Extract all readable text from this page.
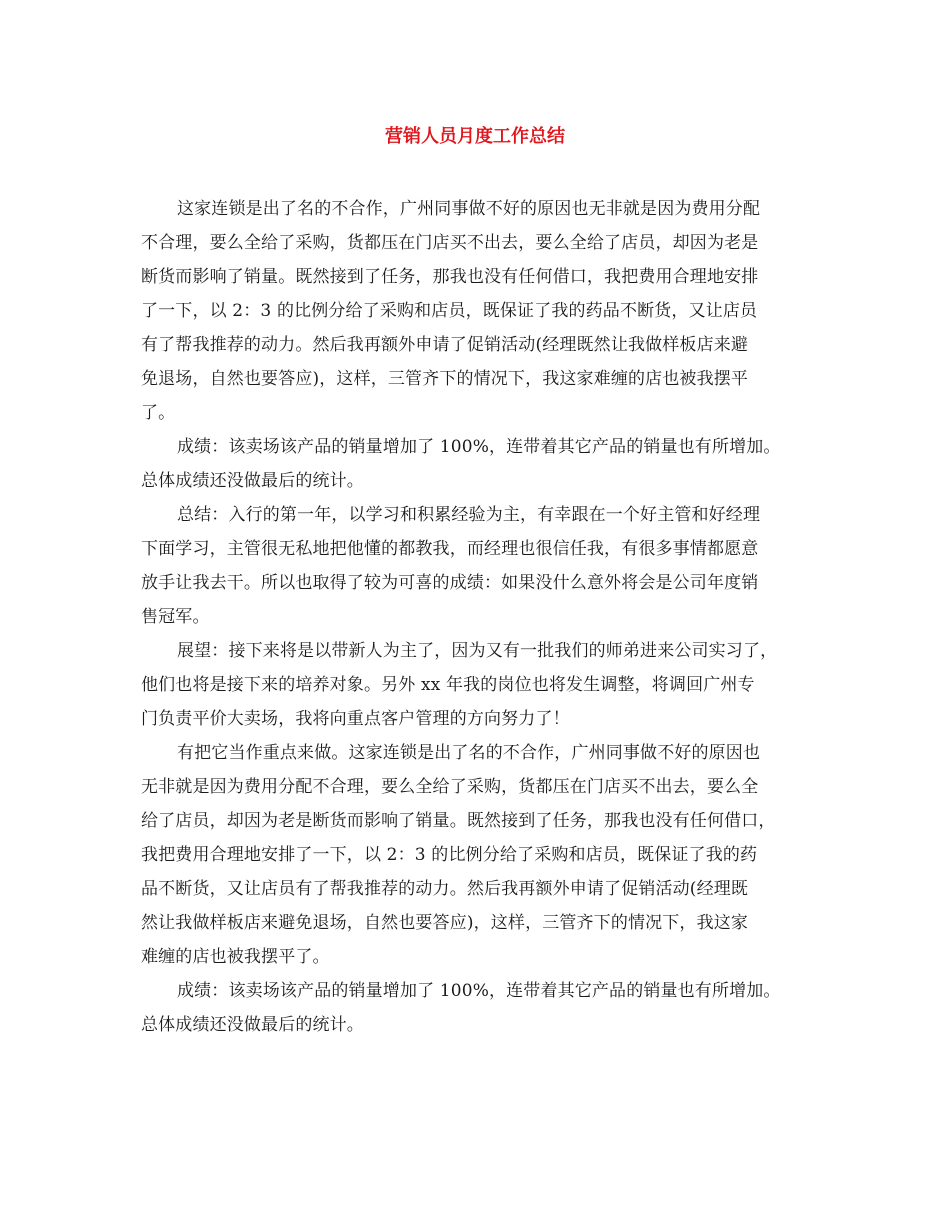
营销人员月度工作总结

这家连锁是出了名的不合作，广州同事做不好的原因也无非就是因为费用分配
不合理，要么全给了采购，货都压在门店买不出去，要么全给了店员，却因为老是
断货而影响了销量。既然接到了任务，那我也没有任何借口，我把费用合理地安排
了一下，以 2：3 的比例分给了采购和店员，既保证了我的药品不断货，又让店员
有了帮我推荐的动力。然后我再额外申请了促销活动(经理既然让我做样板店来避
免退场，自然也要答应)，这样，三管齐下的情况下，我这家难缠的店也被我摆平
了。

成绩：该卖场该产品的销量增加了 100%，连带着其它产品的销量也有所增加。
总体成绩还没做最后的统计。

总结：入行的第一年，以学习和积累经验为主，有幸跟在一个好主管和好经理
下面学习，主管很无私地把他懂的都教我，而经理也很信任我，有很多事情都愿意
放手让我去干。所以也取得了较为可喜的成绩：如果没什么意外将会是公司年度销
售冠军。

展望：接下来将是以带新人为主了，因为又有一批我们的师弟进来公司实习了，
他们也将是接下来的培养对象。另外 xx 年我的岗位也将发生调整，将调回广州专
门负责平价大卖场，我将向重点客户管理的方向努力了！

有把它当作重点来做。这家连锁是出了名的不合作，广州同事做不好的原因也
无非就是因为费用分配不合理，要么全给了采购，货都压在门店买不出去，要么全
给了店员，却因为老是断货而影响了销量。既然接到了任务，那我也没有任何借口，
我把费用合理地安排了一下，以 2：3 的比例分给了采购和店员，既保证了我的药
品不断货，又让店员有了帮我推荐的动力。然后我再额外申请了促销活动(经理既
然让我做样板店来避免退场，自然也要答应)，这样，三管齐下的情况下，我这家
难缠的店也被我摆平了。

成绩：该卖场该产品的销量增加了 100%，连带着其它产品的销量也有所增加。
总体成绩还没做最后的统计。
